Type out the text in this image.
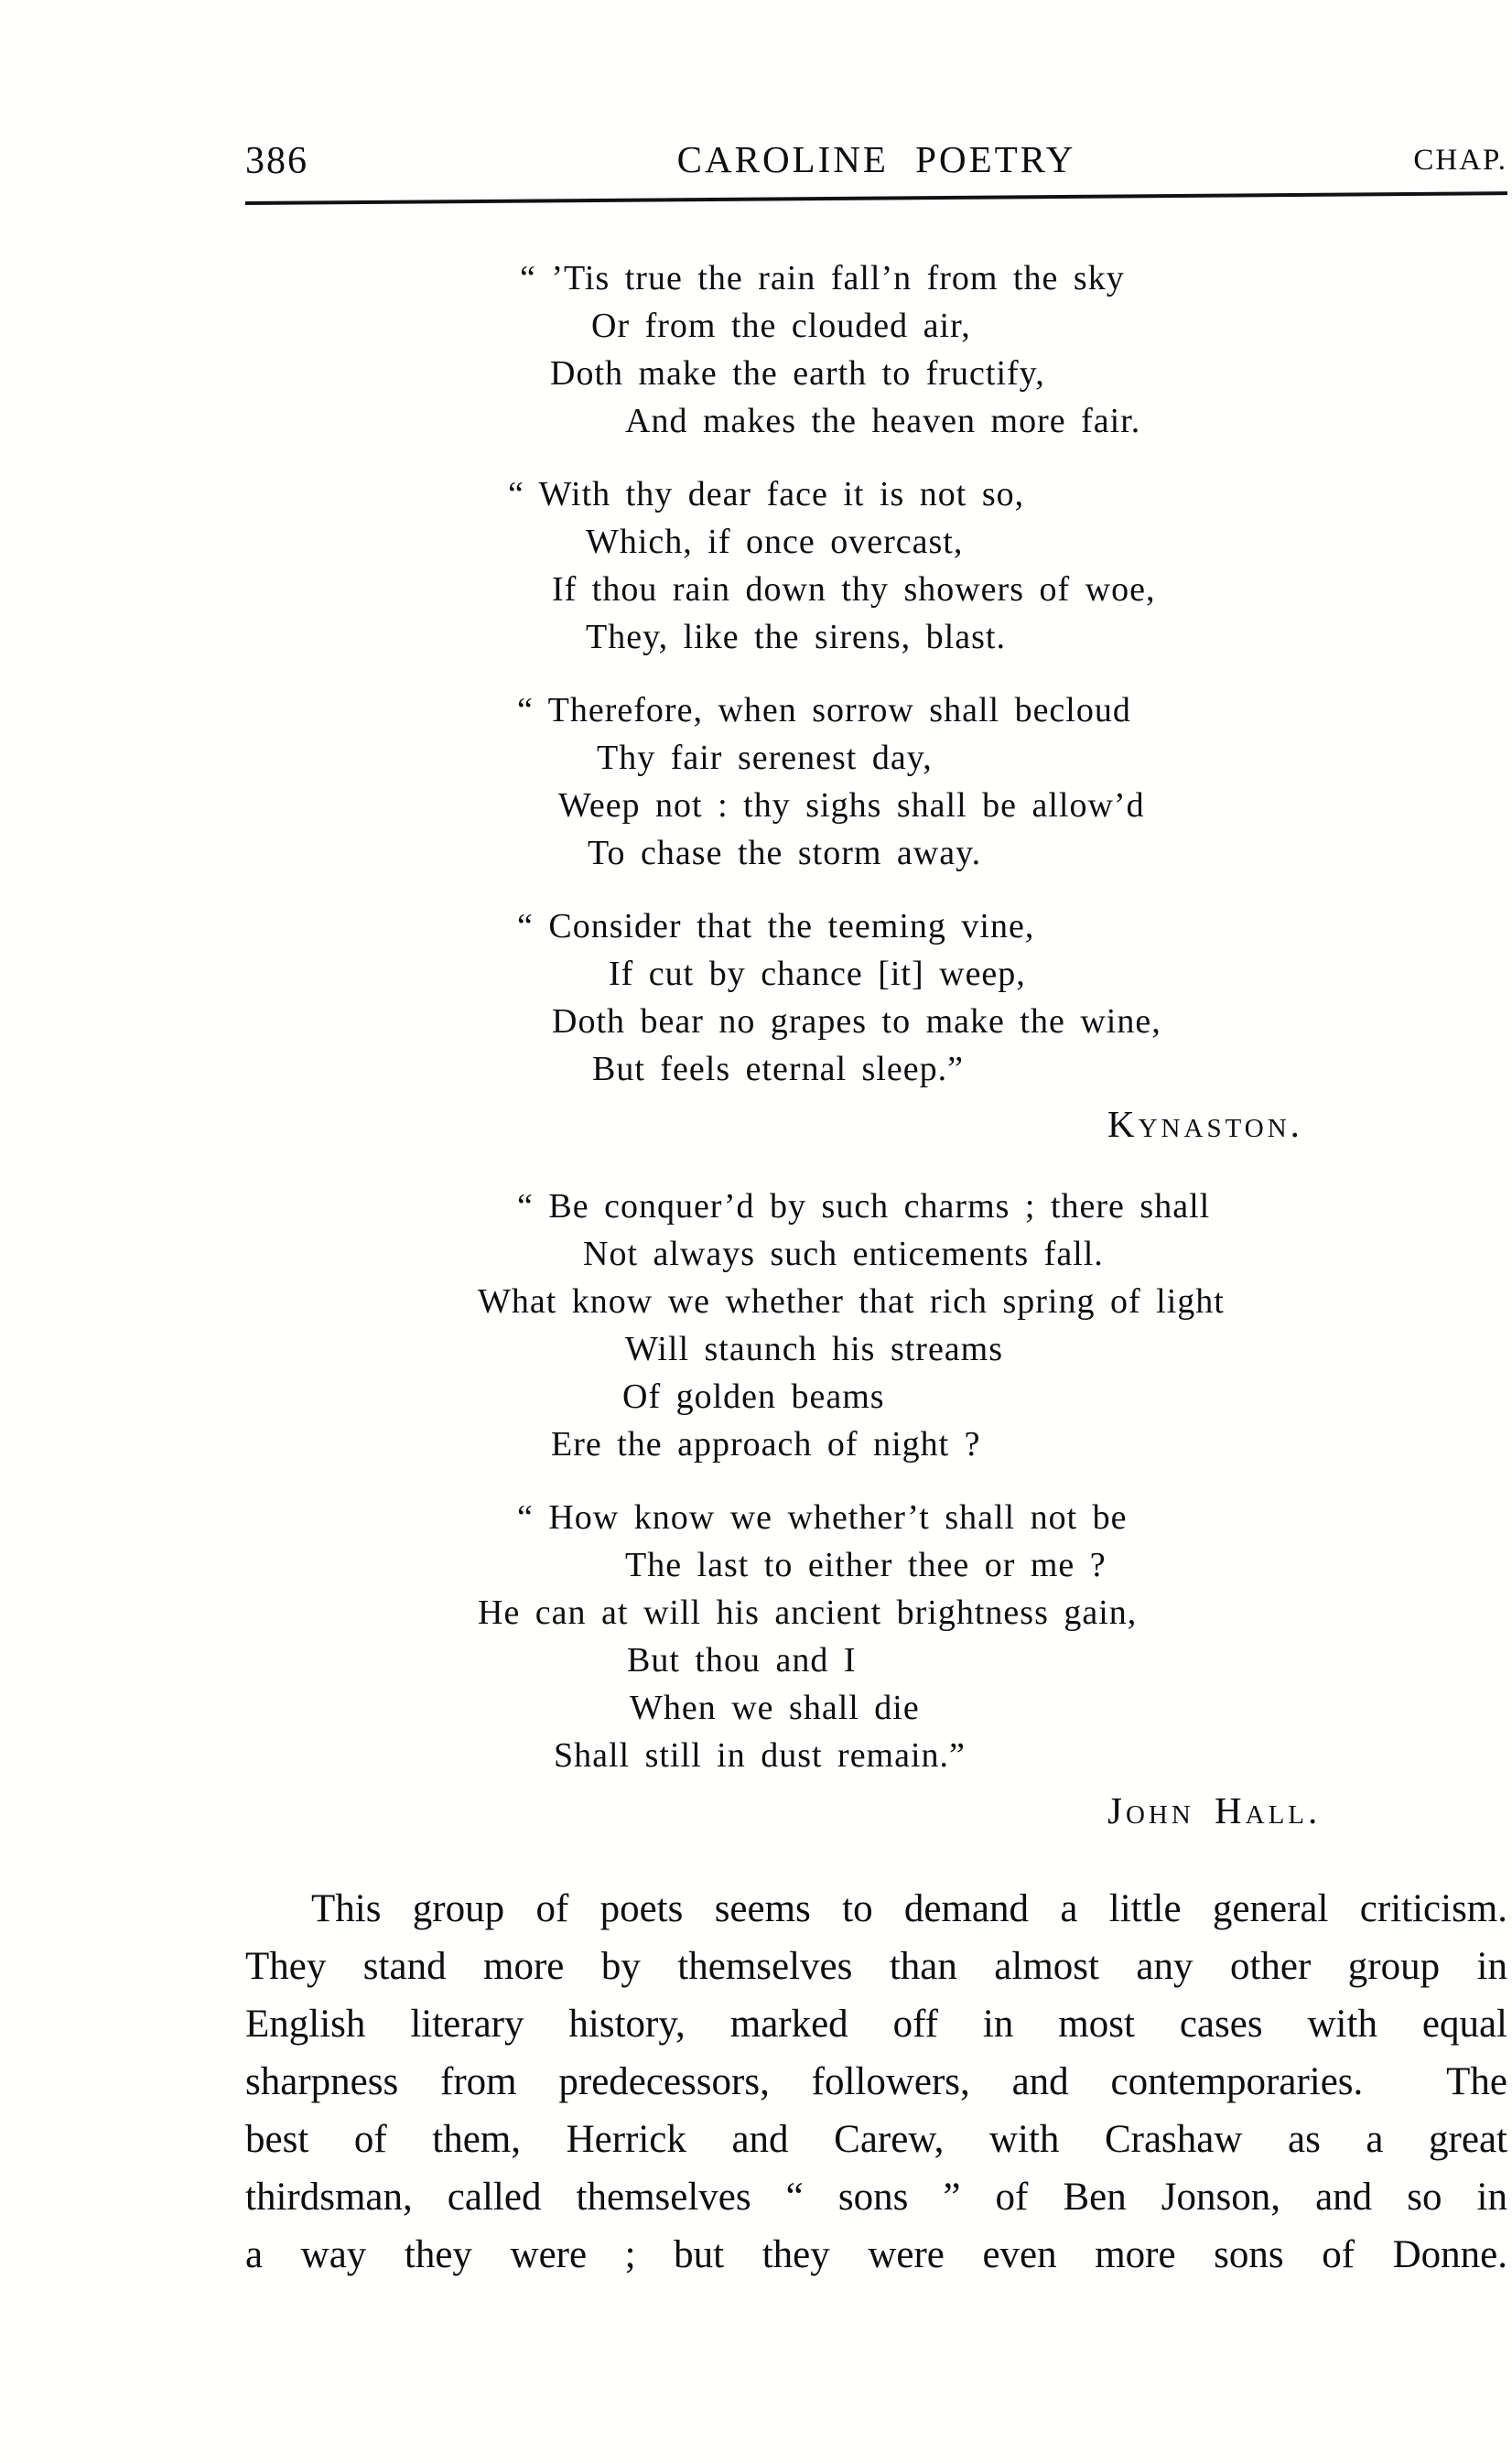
386	CAROLINE POETRY	CHAP.
“ ’Tis true the rain fall’n from the sky
Or from the clouded air,
Doth make the earth to fructify,
And makes the heaven more fair.
“ With thy dear face it is not so,
Which, if once overcast,
If thou rain down thy showers of woe,
They, like the sirens, blast.
“ Therefore, when sorrow shall becloud
Thy fair serenest day,
Weep not : thy sighs shall be allow’d
To chase the storm away.
“ Consider that the teeming vine,
If cut by chance [it] weep,
Doth bear no grapes to make the wine,
But feels eternal sleep.”
Kynaston.
“ Be conquer’d by such charms ; there shall
Not always such enticements fall.
What know we whether that rich spring of light
Will staunch his streams
Of golden beams
Ere the approach of night ?
“ How know we whether’t shall not be
The last to either thee or me ?
He can at will his ancient brightness gain,
But thou and I
When we shall die
Shall still in dust remain.”
John Hall.
This group of poets seems to demand a little general criticism.
They stand more by themselves than almost any other group in
English literary history, marked off in most cases with equal
sharpness from predecessors, followers, and contemporaries.  The
best of them, Herrick and Carew, with Crashaw as a great
thirdsman, called themselves “ sons ” of Ben Jonson, and so in
a way they were ; but they were even more sons of Donne.
